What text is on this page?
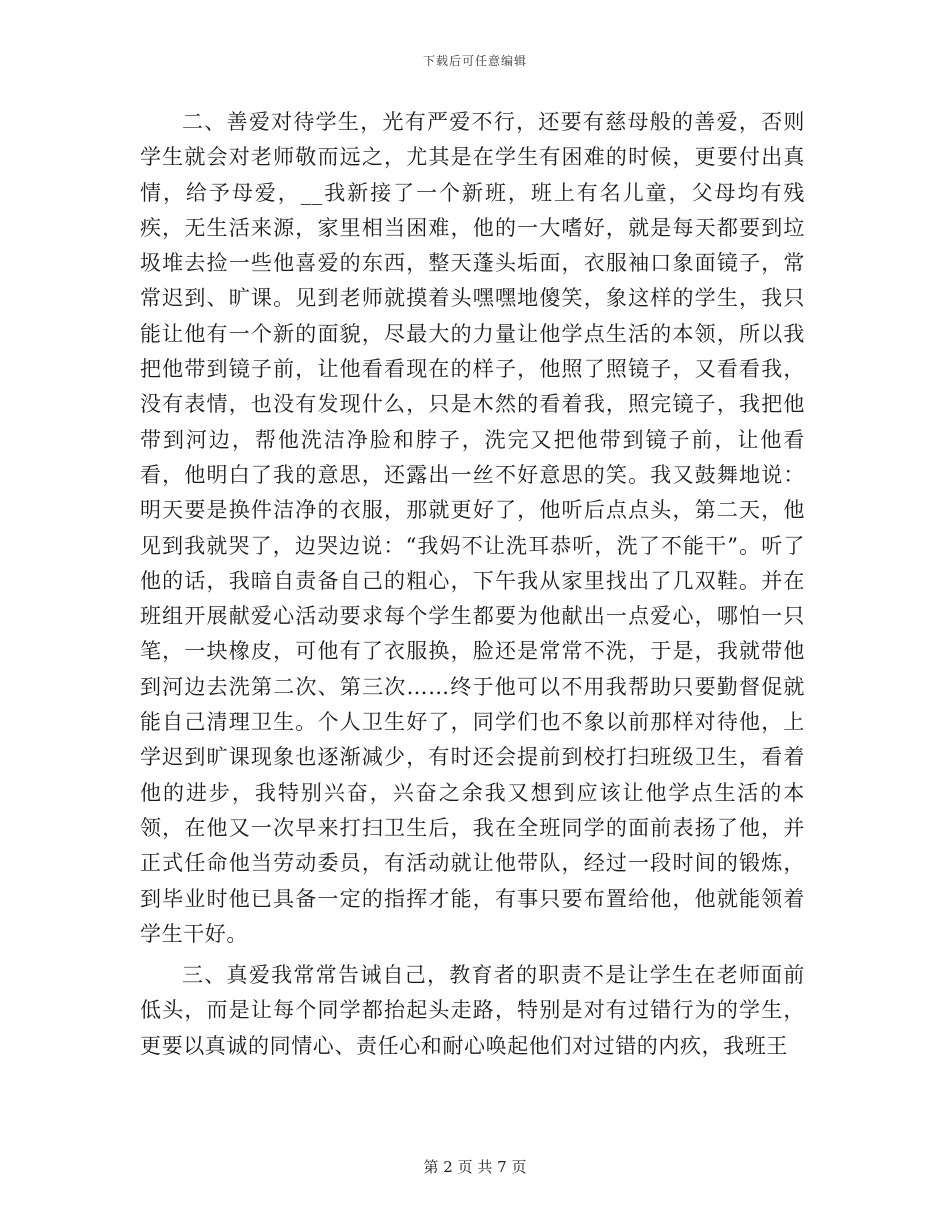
下载后可任意编辑

二、善爱对待学生，光有严爱不行，还要有慈母般的善爱，否则学生就会对老师敬而远之，尤其是在学生有困难的时候，更要付出真情，给予母爱，__我新接了一个新班，班上有名儿童，父母均有残疾，无生活来源，家里相当困难，他的一大嗜好，就是每天都要到垃圾堆去捡一些他喜爱的东西，整天蓬头垢面，衣服袖口象面镜子，常常迟到、旷课。见到老师就摸着头嘿嘿地傻笑，象这样的学生，我只能让他有一个新的面貌，尽最大的力量让他学点生活的本领，所以我把他带到镜子前，让他看看现在的样子，他照了照镜子，又看看我，没有表情，也没有发现什么，只是木然的看着我，照完镜子，我把他带到河边，帮他洗洁净脸和脖子，洗完又把他带到镜子前，让他看看，他明白了我的意思，还露出一丝不好意思的笑。我又鼓舞地说：明天要是换件洁净的衣服，那就更好了，他听后点点头，第二天，他见到我就哭了，边哭边说：“我妈不让洗耳恭听，洗了不能干”。听了他的话，我暗自责备自己的粗心，下午我从家里找出了几双鞋。并在班组开展献爱心活动要求每个学生都要为他献出一点爱心，哪怕一只笔，一块橡皮，可他有了衣服换，脸还是常常不洗，于是，我就带他到河边去洗第二次、第三次……终于他可以不用我帮助只要勤督促就能自己清理卫生。个人卫生好了，同学们也不象以前那样对待他，上学迟到旷课现象也逐渐减少，有时还会提前到校打扫班级卫生，看着他的进步，我特别兴奋，兴奋之余我又想到应该让他学点生活的本领，在他又一次早来打扫卫生后，我在全班同学的面前表扬了他，并正式任命他当劳动委员，有活动就让他带队，经过一段时间的锻炼，到毕业时他已具备一定的指挥才能，有事只要布置给他，他就能领着学生干好。

三、真爱我常常告诫自己，教育者的职责不是让学生在老师面前低头，而是让每个同学都抬起头走路，特别是对有过错行为的学生，更要以真诚的同情心、责任心和耐心唤起他们对过错的内疚，我班王

第 2 页 共 7 页
